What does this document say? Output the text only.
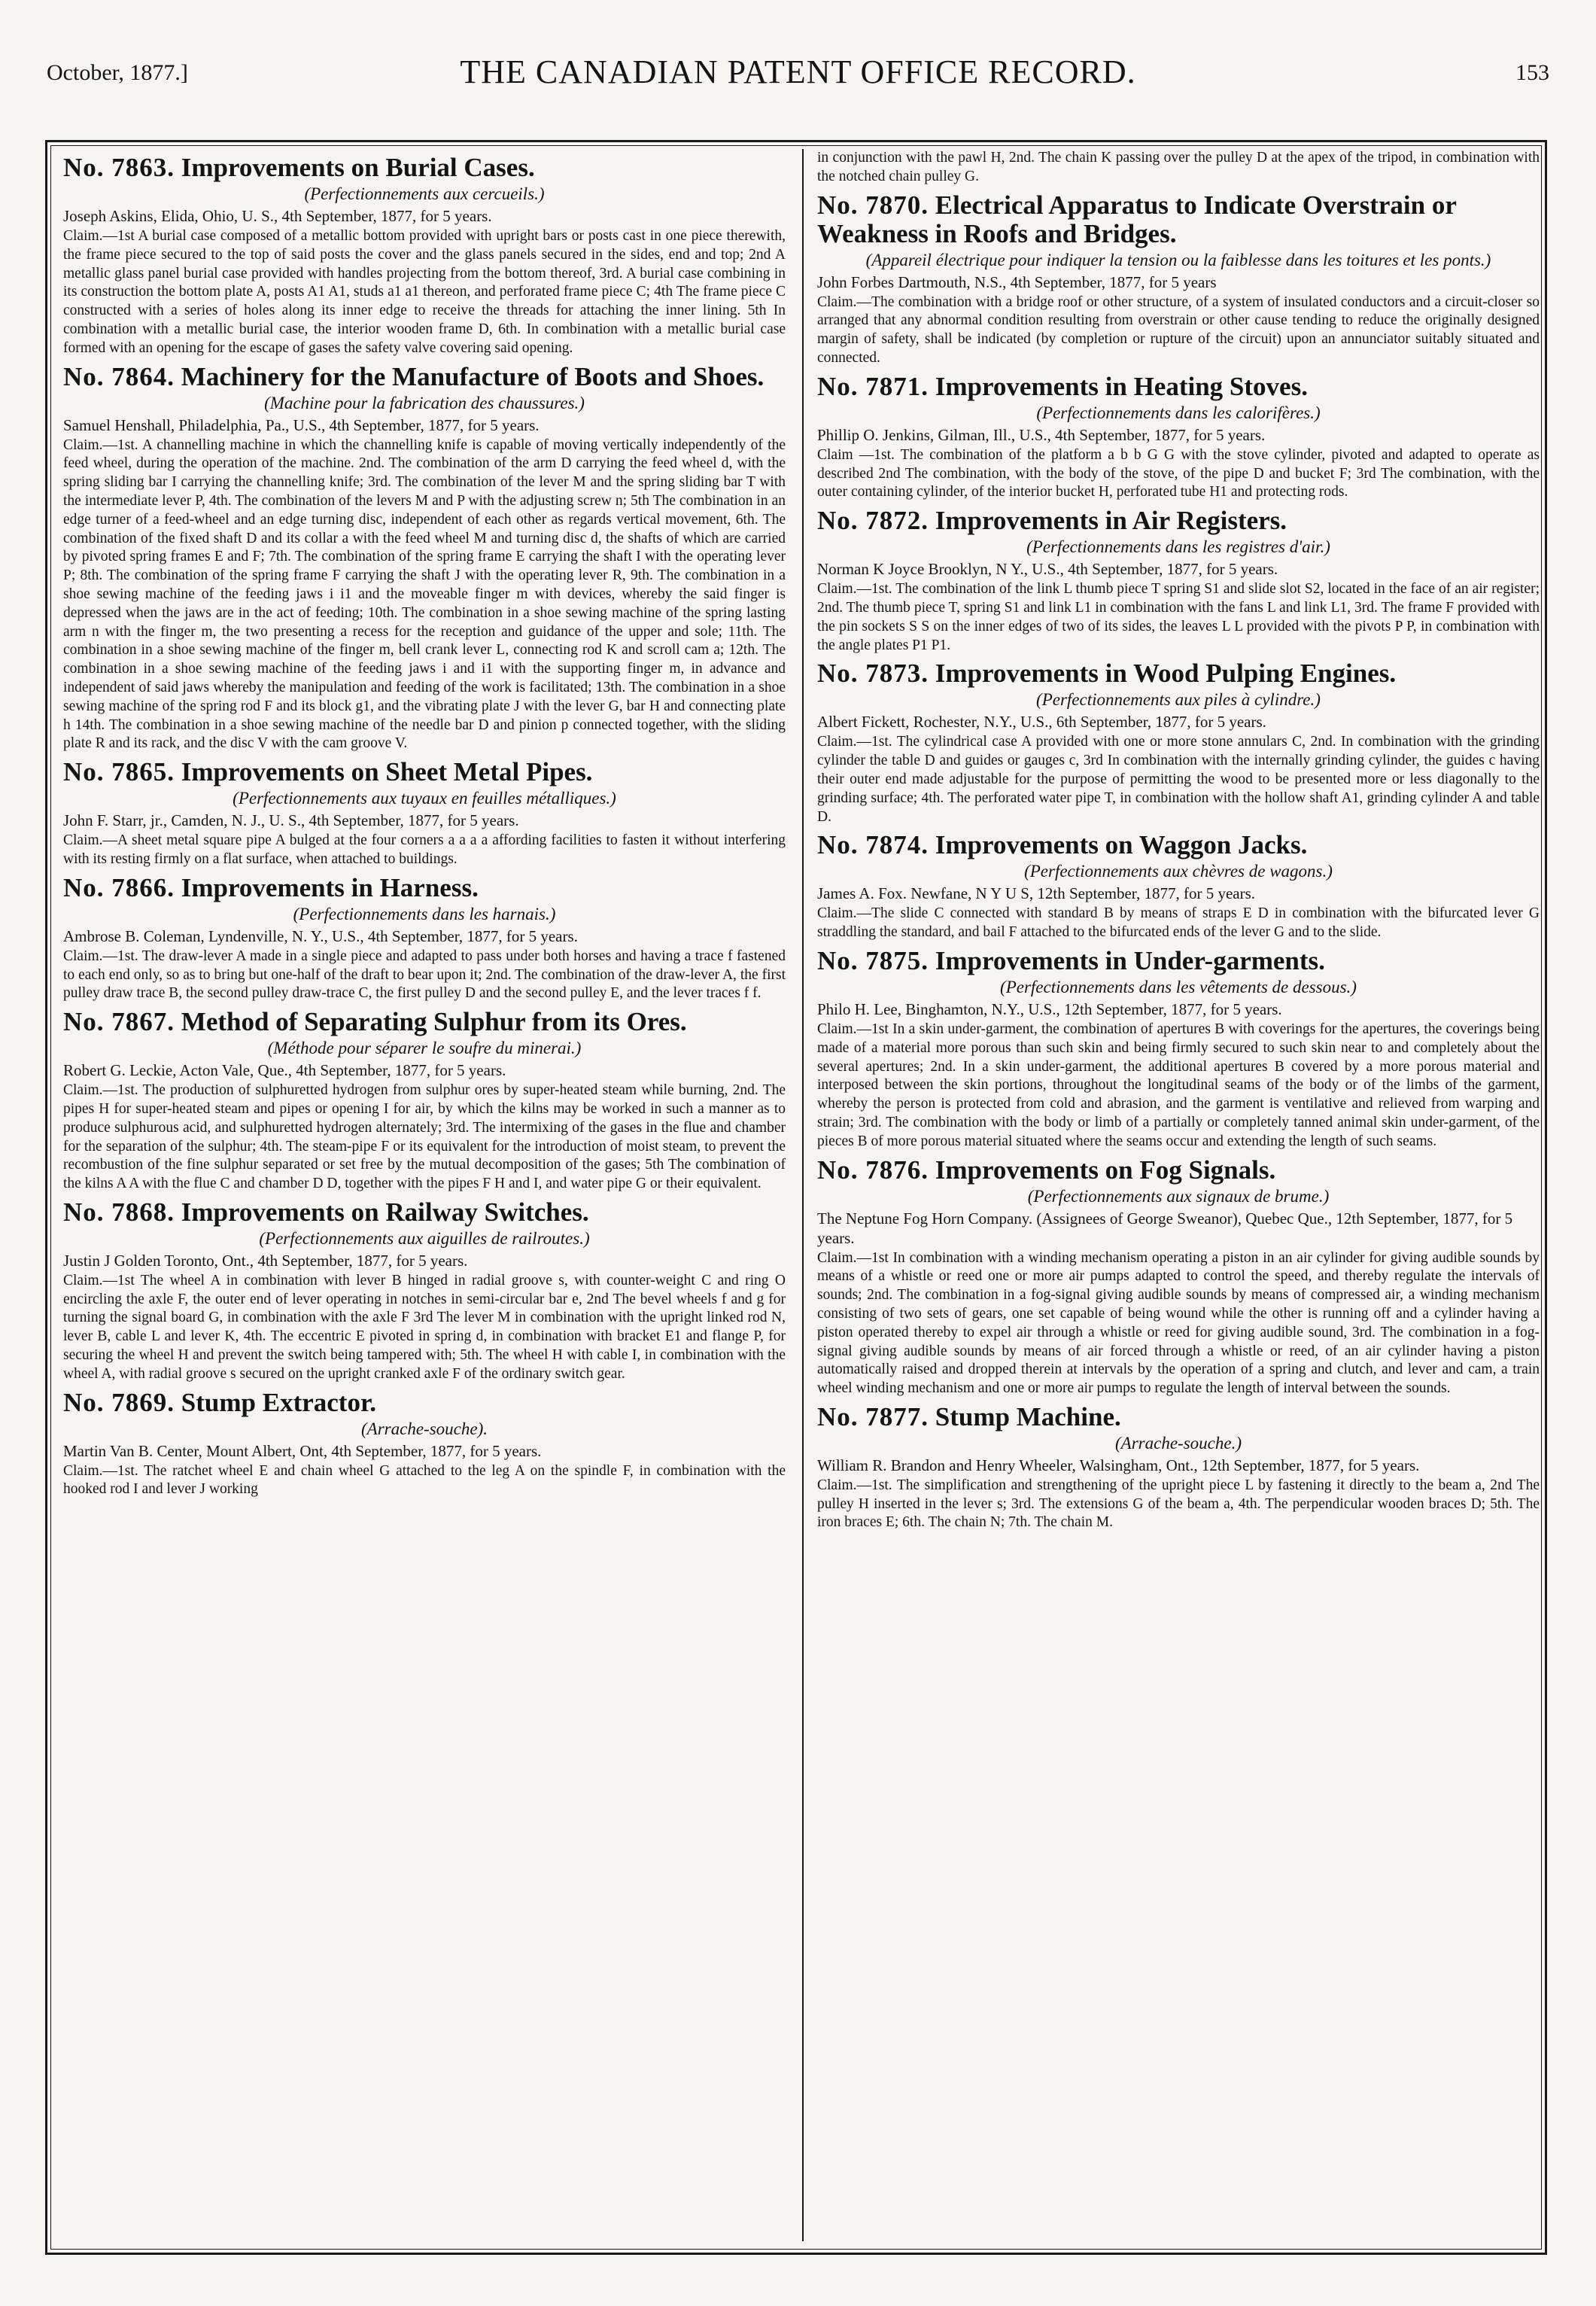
October, 1877.]	THE CANADIAN PATENT OFFICE RECORD.	153
No. 7863. Improvements on Burial Cases.
(Perfectionnements aux cercueils.)
Joseph Askins, Elida, Ohio, U. S., 4th September, 1877, for 5 years.

Claim.—1st A burial case composed of a metallic bottom provided with upright bars or posts cast in one piece therewith, the frame piece secured to the top of said posts the cover and the glass panels secured in the sides, end and top; 2nd A metallic glass panel burial case provided with handles projecting from the bottom thereof, 3rd. A burial case combining in its construction the bottom plate A, posts A1 A1, studs a1 a1 thereon, and perforated frame piece C; 4th The frame piece C constructed with a series of holes along its inner edge to receive the threads for attaching the inner lining. 5th In combination with a metallic burial case, the interior wooden frame D, 6th. In combination with a metallic burial case formed with an opening for the escape of gases the safety valve covering said opening.

No. 7864. Machinery for the Manufacture of Boots and Shoes.
(Machine pour la fabrication des chaussures.)
Samuel Henshall, Philadelphia, Pa., U.S., 4th September, 1877, for 5 years.

Claim.—1st. A channelling machine in which the channelling knife is capable of moving vertically independently of the feed wheel, during the operation of the machine. 2nd. The combination of the arm D carrying the feed wheel d, with the spring sliding bar I carrying the channelling knife; 3rd. The combination of the lever M and the spring sliding bar T with the intermediate lever P, 4th. The combination of the levers M and P with the adjusting screw n; 5th The combination in an edge turner of a feed-wheel and an edge turning disc, independent of each other as regards vertical movement, 6th. The combination of the fixed shaft D and its collar a with the feed wheel M and turning disc d, the shafts of which are carried by pivoted spring frames E and F; 7th. The combination of the spring frame E carrying the shaft I with the operating lever P; 8th. The combination of the spring frame F carrying the shaft J with the operating lever R, 9th. The combination in a shoe sewing machine of the feeding jaws i i1 and the moveable finger m with devices, whereby the said finger is depressed when the jaws are in the act of feeding; 10th. The combination in a shoe sewing machine of the spring lasting arm n with the finger m, the two presenting a recess for the reception and guidance of the upper and sole; 11th. The combination in a shoe sewing machine of the finger m, bell crank lever L, connecting rod K and scroll cam a; 12th. The combination in a shoe sewing machine of the feeding jaws i and i1 with the supporting finger m, in advance and independent of said jaws whereby the manipulation and feeding of the work is facilitated; 13th. The combination in a shoe sewing machine of the spring rod F and its block g1, and the vibrating plate J with the lever G, bar H and connecting plate h 14th. The combination in a shoe sewing machine of the needle bar D and pinion p connected together, with the sliding plate R and its rack, and the disc V with the cam groove V.

No. 7865. Improvements on Sheet Metal Pipes.
(Perfectionnements aux tuyaux en feuilles métalliques.)
John F. Starr, jr., Camden, N. J., U. S., 4th September, 1877, for 5 years.

Claim.—A sheet metal square pipe A bulged at the four corners a a a a affording facilities to fasten it without interfering with its resting firmly on a flat surface, when attached to buildings.

No. 7866. Improvements in Harness.
(Perfectionnements dans les harnais.)
Ambrose B. Coleman, Lyndenville, N. Y., U.S., 4th September, 1877, for 5 years.

Claim.—1st. The draw-lever A made in a single piece and adapted to pass under both horses and having a trace f fastened to each end only, so as to bring but one-half of the draft to bear upon it; 2nd. The combination of the draw-lever A, the first pulley draw trace B, the second pulley draw-trace C, the first pulley D and the second pulley E, and the lever traces f f.

No. 7867. Method of Separating Sulphur from its Ores.
(Méthode pour séparer le soufre du minerai.)
Robert G. Leckie, Acton Vale, Que., 4th September, 1877, for 5 years.

Claim.—1st. The production of sulphuretted hydrogen from sulphur ores by super-heated steam while burning, 2nd. The pipes H for super-heated steam and pipes or opening I for air, by which the kilns may be worked in such a manner as to produce sulphurous acid, and sulphuretted hydrogen alternately; 3rd. The intermixing of the gases in the flue and chamber for the separation of the sulphur; 4th. The steam-pipe F or its equivalent for the introduction of moist steam, to prevent the recombustion of the fine sulphur separated or set free by the mutual decomposition of the gases; 5th The combination of the kilns A A with the flue C and chamber D D, together with the pipes F H and I, and water pipe G or their equivalent.

No. 7868. Improvements on Railway Switches.
(Perfectionnements aux aiguilles de railroutes.)
Justin J Golden Toronto, Ont., 4th September, 1877, for 5 years.

Claim.—1st The wheel A in combination with lever B hinged in radial groove s, with counter-weight C and ring O encircling the axle F, the outer end of lever operating in notches in semi-circular bar e, 2nd The bevel wheels f and g for turning the signal board G, in combination with the axle F 3rd The lever M in combination with the upright linked rod N, lever B, cable L and lever K, 4th. The eccentric E pivoted in spring d, in combination with bracket E1 and flange P, for securing the wheel H and prevent the switch being tampered with; 5th. The wheel H with cable I, in combination with the wheel A, with radial groove s secured on the upright cranked axle F of the ordinary switch gear.

No. 7869. Stump Extractor.
(Arrache-souche).
Martin Van B. Center, Mount Albert, Ont, 4th September, 1877, for 5 years.

Claim.—1st. The ratchet wheel E and chain wheel G attached to the leg A on the spindle F, in combination with the hooked rod I and lever J working

in conjunction with the pawl H, 2nd. The chain K passing over the pulley D at the apex of the tripod, in combination with the notched chain pulley G.

No. 7870. Electrical Apparatus to Indicate Overstrain or Weakness in Roofs and Bridges.
(Appareil électrique pour indiquer la tension ou la faiblesse dans les toitures et les ponts.)
John Forbes Dartmouth, N.S., 4th September, 1877, for 5 years

Claim.—The combination with a bridge roof or other structure, of a system of insulated conductors and a circuit-closer so arranged that any abnormal condition resulting from overstrain or other cause tending to reduce the originally designed margin of safety, shall be indicated (by completion or rupture of the circuit) upon an annunciator suitably situated and connected.

No. 7871. Improvements in Heating Stoves.
(Perfectionnements dans les calorifères.)
Phillip O. Jenkins, Gilman, Ill., U.S., 4th September, 1877, for 5 years.

Claim —1st. The combination of the platform a b b G G with the stove cylinder, pivoted and adapted to operate as described 2nd The combination, with the body of the stove, of the pipe D and bucket F; 3rd The combination, with the outer containing cylinder, of the interior bucket H, perforated tube H1 and protecting rods.

No. 7872. Improvements in Air Registers.
(Perfectionnements dans les registres d'air.)
Norman K Joyce Brooklyn, N Y., U.S., 4th September, 1877, for 5 years.

Claim.—1st. The combination of the link L thumb piece T spring S1 and slide slot S2, located in the face of an air register; 2nd. The thumb piece T, spring S1 and link L1 in combination with the fans L and link L1, 3rd. The frame F provided with the pin sockets S S on the inner edges of two of its sides, the leaves L L provided with the pivots P P, in combination with the angle plates P1 P1.

No. 7873. Improvements in Wood Pulping Engines.
(Perfectionnements aux piles à cylindre.)
Albert Fickett, Rochester, N.Y., U.S., 6th September, 1877, for 5 years.

Claim.—1st. The cylindrical case A provided with one or more stone annulars C, 2nd. In combination with the grinding cylinder the table D and guides or gauges c, 3rd In combination with the internally grinding cylinder, the guides c having their outer end made adjustable for the purpose of permitting the wood to be presented more or less diagonally to the grinding surface; 4th. The perforated water pipe T, in combination with the hollow shaft A1, grinding cylinder A and table D.

No. 7874. Improvements on Waggon Jacks.
(Perfectionnements aux chèvres de wagons.)
James A. Fox. Newfane, N Y U S, 12th September, 1877, for 5 years.

Claim.—The slide C connected with standard B by means of straps E D in combination with the bifurcated lever G straddling the standard, and bail F attached to the bifurcated ends of the lever G and to the slide.

No. 7875. Improvements in Under-garments.
(Perfectionnements dans les vêtements de dessous.)
Philo H. Lee, Binghamton, N.Y., U.S., 12th September, 1877, for 5 years.

Claim.—1st In a skin under-garment, the combination of apertures B with coverings for the apertures, the coverings being made of a material more porous than such skin and being firmly secured to such skin near to and completely about the several apertures; 2nd. In a skin under-garment, the additional apertures B covered by a more porous material and interposed between the skin portions, throughout the longitudinal seams of the body or of the limbs of the garment, whereby the person is protected from cold and abrasion, and the garment is ventilative and relieved from warping and strain; 3rd. The combination with the body or limb of a partially or completely tanned animal skin under-garment, of the pieces B of more porous material situated where the seams occur and extending the length of such seams.

No. 7876. Improvements on Fog Signals.
(Perfectionnements aux signaux de brume.)
The Neptune Fog Horn Company. (Assignees of George Sweanor), Quebec Que., 12th September, 1877, for 5 years.

Claim.—1st In combination with a winding mechanism operating a piston in an air cylinder for giving audible sounds by means of a whistle or reed one or more air pumps adapted to control the speed, and thereby regulate the intervals of sounds; 2nd. The combination in a fog-signal giving audible sounds by means of compressed air, a winding mechanism consisting of two sets of gears, one set capable of being wound while the other is running off and a cylinder having a piston operated thereby to expel air through a whistle or reed for giving audible sound, 3rd. The combination in a fog-signal giving audible sounds by means of air forced through a whistle or reed, of an air cylinder having a piston automatically raised and dropped therein at intervals by the operation of a spring and clutch, and lever and cam, a train wheel winding mechanism and one or more air pumps to regulate the length of interval between the sounds.

No. 7877. Stump Machine.
(Arrache-souche.)
William R. Brandon and Henry Wheeler, Walsingham, Ont., 12th September, 1877, for 5 years.

Claim.—1st. The simplification and strengthening of the upright piece L by fastening it directly to the beam a, 2nd The pulley H inserted in the lever s; 3rd. The extensions G of the beam a, 4th. The perpendicular wooden braces D; 5th. The iron braces E; 6th. The chain N; 7th. The chain M.
